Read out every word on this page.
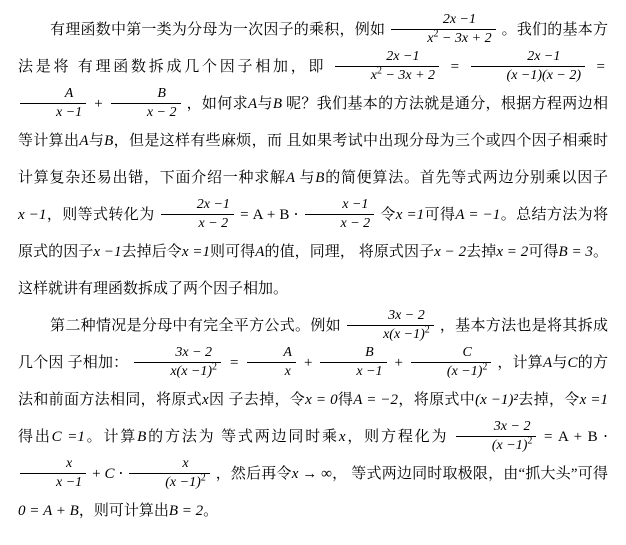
有理函数中第一类为分母为一次因子的乘积，例如 $\frac{2x -1}{x^2 - 3x + 2}$ 。我们的基本方法是将 有理函数拆成几个因子相加，即 $\frac{2x -1}{x^2 - 3x + 2} = \frac{2x -1}{(x -1)(x - 2)}$ =
$\frac{A}{x -1} + \frac{B}{x - 2}$ ，如何求A与B 呢？我们基本的方法就是通分，根据方程两边相等计算出A与B，但是这样有些麻烦，而 且如果考试中出现分母为三个或四个因子相乘时计算复杂还易出错，下面介绍一种求解A 与B的简便算法。首先等式两边分别乘以因子x −1，则等式转化为 $\frac{2x -1}{x - 2} = A + B \cdot \frac{x -1}{x - 2}$ 令x =1可得A = −1。总结方法为将原式的因子x −1去掉后令x =1则可得A的值，同理， 将原式因子x − 2去掉x = 2可得B = 3。这样就讲有理函数拆成了两个因子相加。

第二种情况是分母中有完全平方公式。例如 $\frac{3x - 2}{x(x -1)^2}$ ，基本方法也是将其拆成几个因 子相加： $\frac{3x - 2}{x(x -1)^2} = \frac{A}{x} + \frac{B}{x -1} + \frac{C}{(x -1)^2}$ ，计算A与C的方法和前面方法相同，将原式x因 子去掉，令x = 0得A = −2，将原式中(x −1)²去掉，令x =1得出C =1。计算B的方法为 等式两边同时乘x，则方程化为 $\frac{3x - 2}{(x -1)^2} = A + B$ ⋅
$\frac{x}{x -1} + C \cdot \frac{x}{(x -1)^2}$ ，然后再令x → ∞， 等式两边同时取极限，由“抓大头”可得0 = A + B，则可计算出B = 2。
